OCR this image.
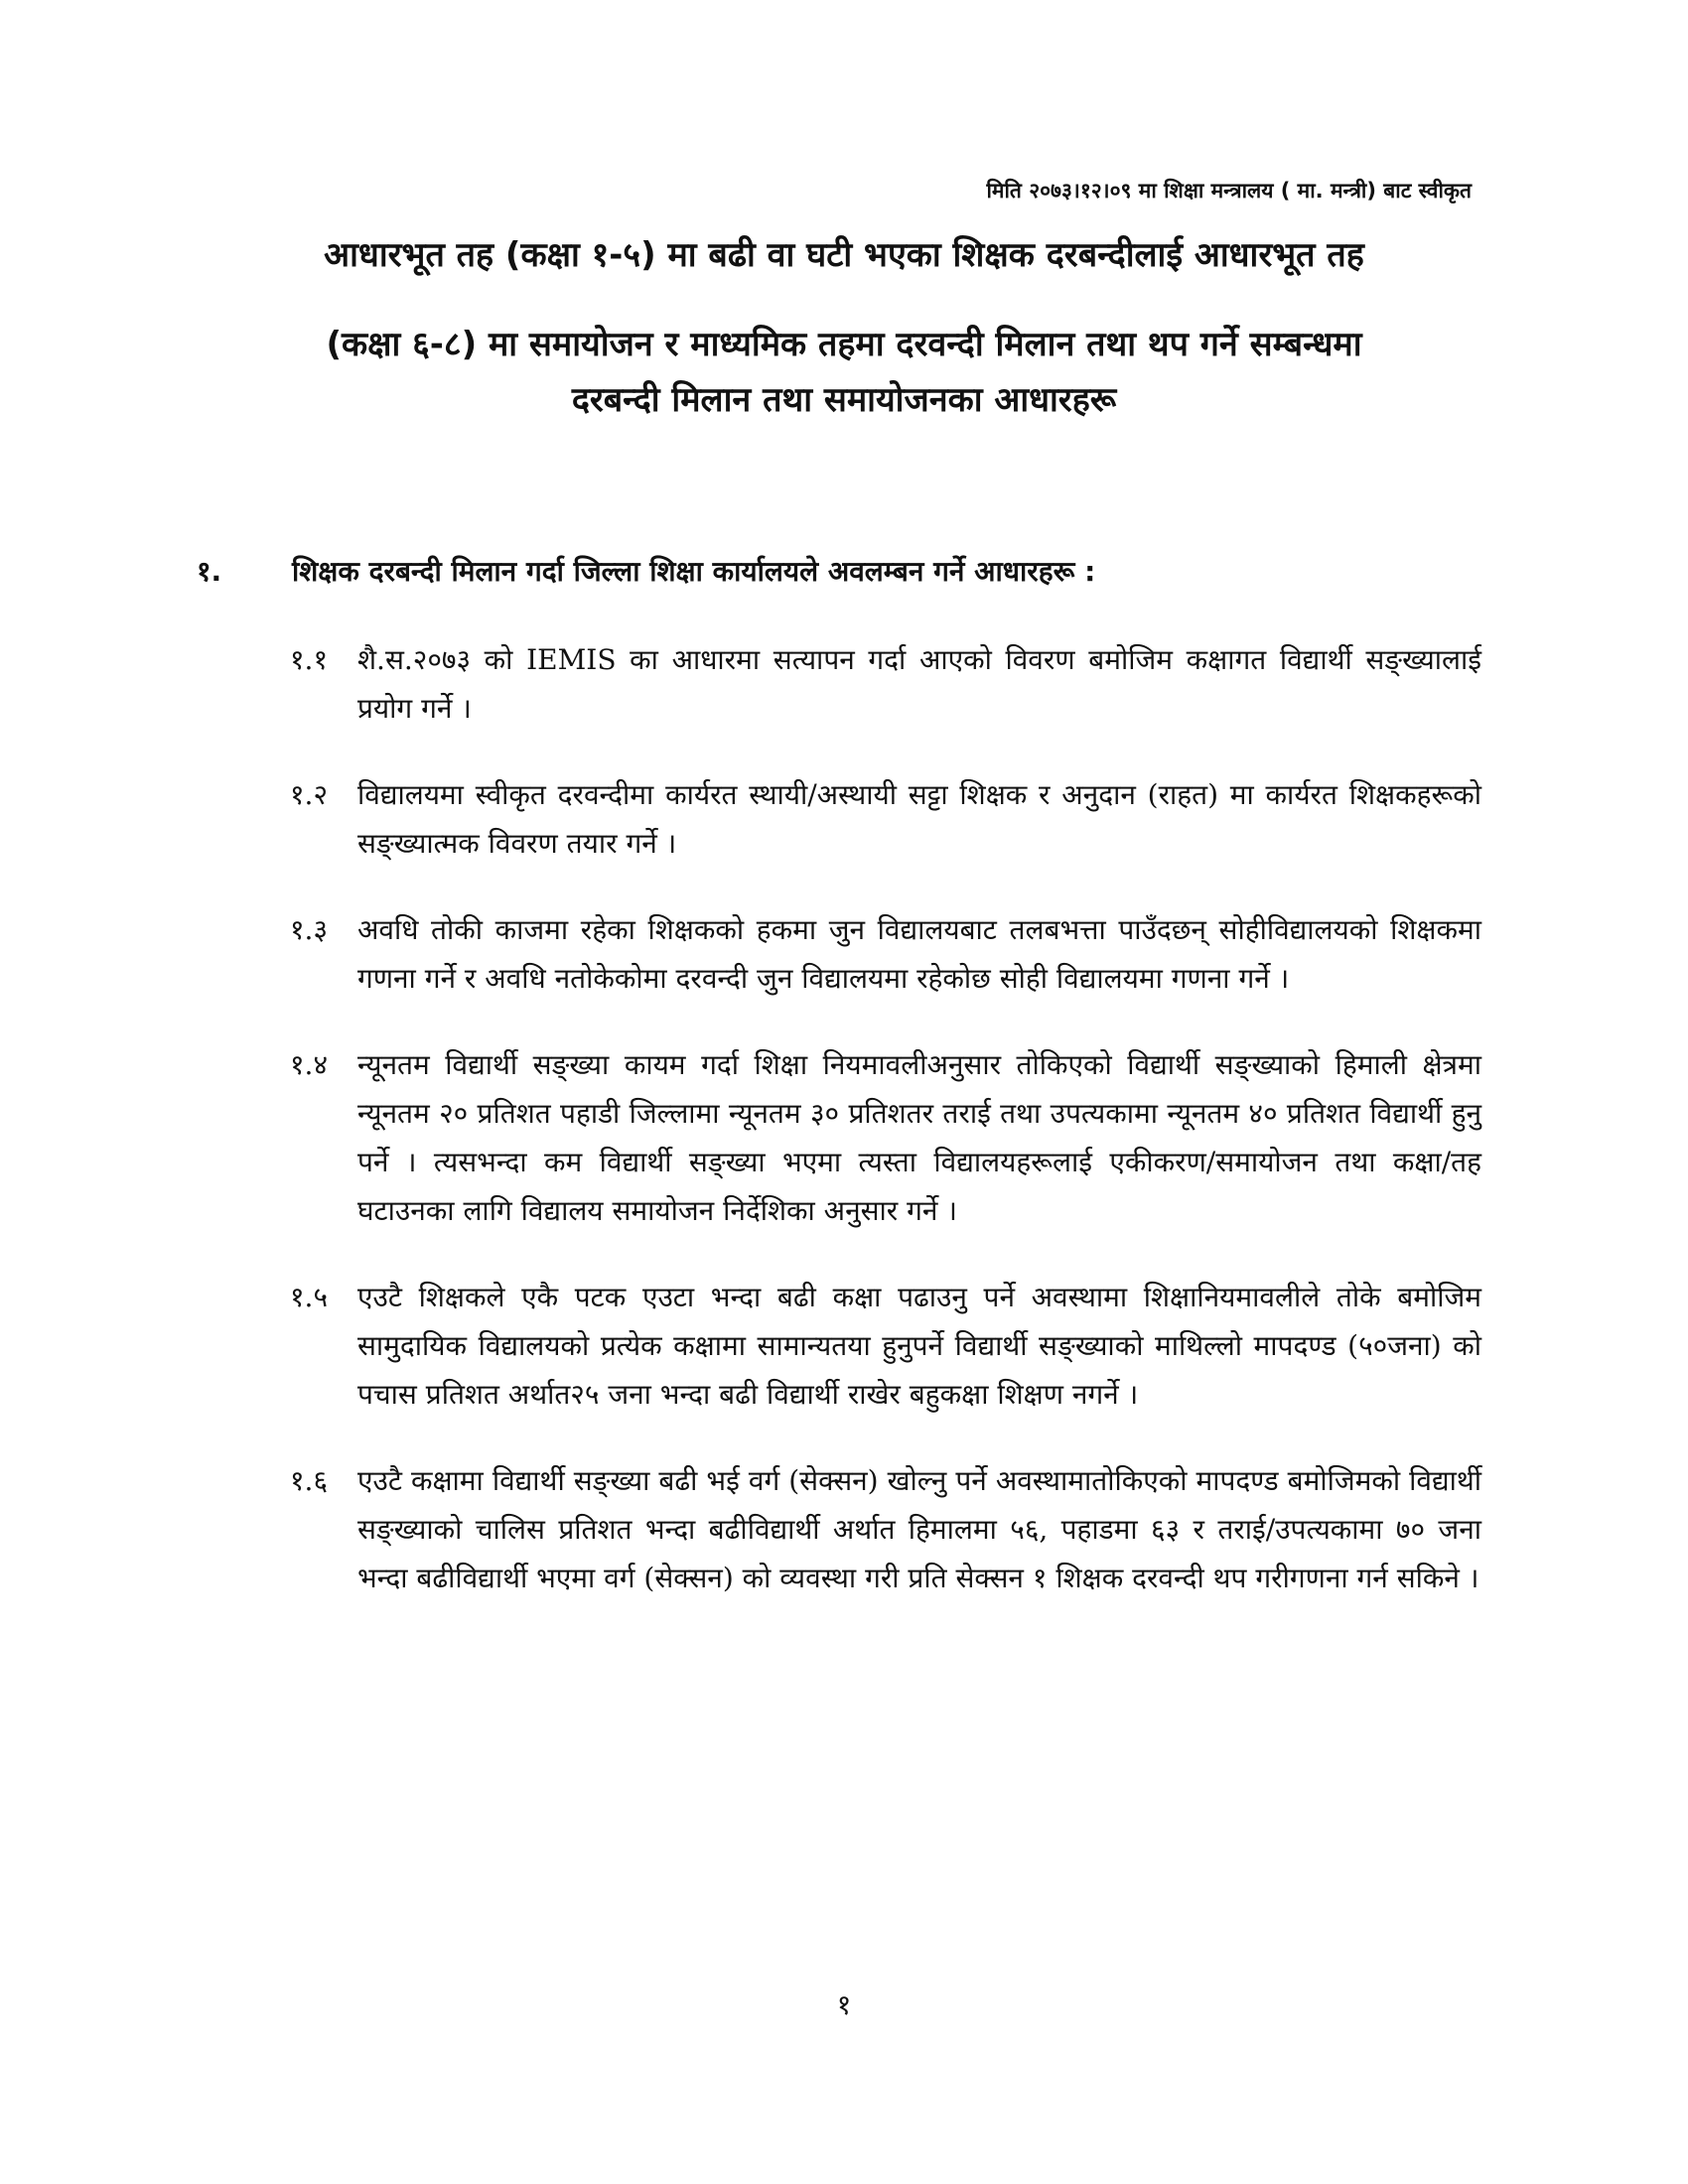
मिति २०७३।१२।०९ मा शिक्षा मन्त्रालय ( मा. मन्त्री) बाट स्वीकृत

आधारभूत तह (कक्षा १-५) मा बढी वा घटी भएका शिक्षक दरबन्दीलाई आधारभूत तह
(कक्षा ६-८) मा समायोजन र माध्यमिक तहमा दरवन्दी मिलान तथा थप गर्ने सम्बन्धमा
दरबन्दी मिलान तथा समायोजनका आधारहरू
१.	शिक्षक दरबन्दी मिलान गर्दा जिल्ला शिक्षा कार्यालयले अवलम्बन गर्ने आधारहरू :

१.१ शै.स.२०७३ को IEMIS का आधारमा सत्यापन गर्दा आएको विवरण बमोजिम कक्षागत विद्यार्थी सङ्ख्यालाई प्रयोग गर्ने ।

१.२ विद्यालयमा स्वीकृत दरवन्दीमा कार्यरत स्थायी/अस्थायी सट्टा शिक्षक र अनुदान (राहत) मा कार्यरत शिक्षकहरूको सङ्ख्यात्मक विवरण तयार गर्ने ।

१.३ अवधि तोकी काजमा रहेका शिक्षकको हकमा जुन विद्यालयबाट तलबभत्ता पाउँदछन् सोहीविद्यालयको शिक्षकमा गणना गर्ने र अवधि नतोकेकोमा दरवन्दी जुन विद्यालयमा रहेकोछ सोही विद्यालयमा गणना गर्ने ।

१.४ न्यूनतम विद्यार्थी सङ्ख्या कायम गर्दा शिक्षा नियमावलीअनुसार तोकिएको विद्यार्थी सङ्ख्याको हिमाली क्षेत्रमा न्यूनतम २० प्रतिशत पहाडी जिल्लामा न्यूनतम ३० प्रतिशतर तराई तथा उपत्यकामा न्यूनतम ४० प्रतिशत विद्यार्थी हुनु पर्ने । त्यसभन्दा कम विद्यार्थी सङ्ख्या भएमा त्यस्ता विद्यालयहरूलाई एकीकरण/समायोजन तथा कक्षा/तह घटाउनका लागि विद्यालय समायोजन निर्देशिका अनुसार गर्ने ।

१.५ एउटै शिक्षकले एकै पटक एउटा भन्दा बढी कक्षा पढाउनु पर्ने अवस्थामा शिक्षानियमावलीले तोके बमोजिम सामुदायिक विद्यालयको प्रत्येक कक्षामा सामान्यतया हुनुपर्ने विद्यार्थी सङ्ख्याको माथिल्लो मापदण्ड (५०जना) को पचास प्रतिशत अर्थात२५ जना भन्दा बढी विद्यार्थी राखेर बहुकक्षा शिक्षण नगर्ने ।

१.६ एउटै कक्षामा विद्यार्थी सङ्ख्या बढी भई वर्ग (सेक्सन) खोल्नु पर्ने अवस्थामातोकिएको मापदण्ड बमोजिमको विद्यार्थी सङ्ख्याको चालिस प्रतिशत भन्दा बढीविद्यार्थी अर्थात हिमालमा ५६, पहाडमा ६३ र तराई/उपत्यकामा ७० जना भन्दा बढीविद्यार्थी भएमा वर्ग (सेक्सन) को व्यवस्था गरी प्रति सेक्सन १ शिक्षक दरवन्दी थप गरीगणना गर्न सकिने ।

१
